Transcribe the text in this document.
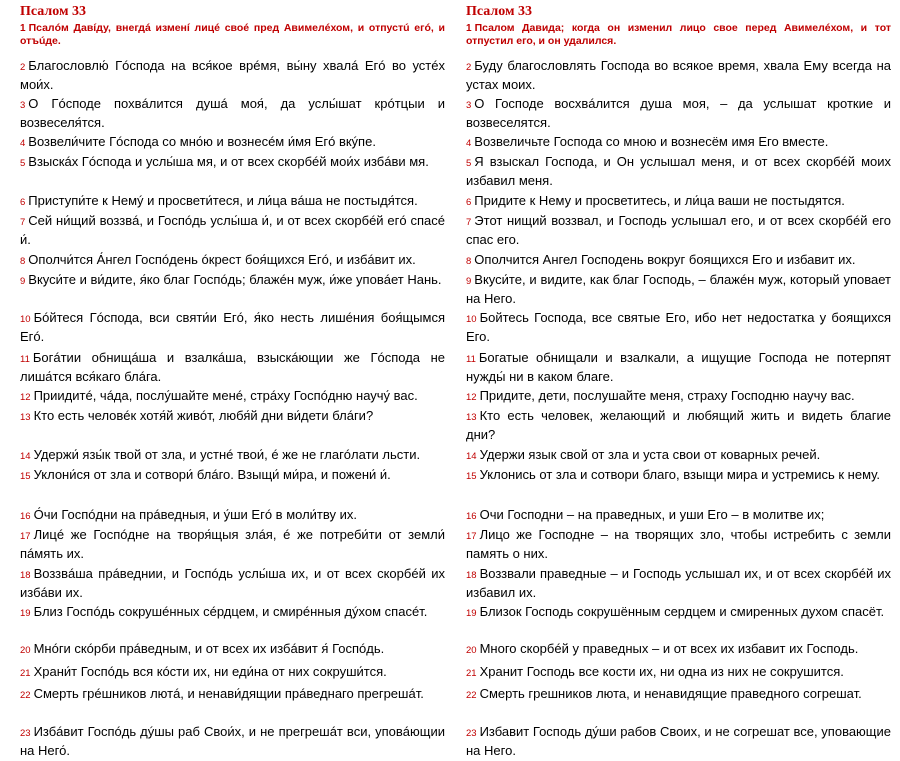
Псалом 33

1 Псалóм Давíду, внегдá изменí лицé своé пред Авимелéхом, и отпустú егó, и отъúде.

2 Благословлю́ Гóспода на вся́кое врéмя, вы́ну хвалá Егó во устéх мои́х.

3 О Гóсподе похвáлится душá моя́, да услы́шат крóтцыи и возвеселя́тся.

4 Возвели́чите Гóспода со мно́ю и вознесéм и́мя Егó вкýпе.

5 Взыскáх Гóспода и услы́ша мя, и от всех скорбéй мои́х избáви мя.

6 Приступи́те к Немý и просвети́теся, и ли́ца вáша не постыдя́тся.

7 Сей ни́щий воззвá, и Госпóдь услы́ша и́, и от всех скорбéй егó спасé и́.

8 Ополчи́тся А́нгел Госпóдень óкрест боя́щихся Егó, и избáвит их.

9 Вкуси́те и ви́дите, я́ко благ Госпóдь; блажéн муж, и́же уповáет Нань.

10 Бóйтеся Гóспода, вси святи́и Егó, я́ко несть лишéния боя́щымся Егó.

11 Богáтии обнищáша и взалкáша, взыскáющии же Гóспода не лиша́тся вся́каго блáга.

12 Приидитé, чáда, послу́шайте менé, стрáху Госпóдню научу́ вас.

13 Кто есть человéк хотя́й живóт, любя́й дни ви́дети блáги?

14 Удержи́ язы́к твой от зла, и устнé твои́, é же не глагóлати льсти.

15 Уклони́ся от зла и сотвори́ блáго. Взыщи́ ми́ра, и пожени́ и́.

16 О́чи Госпóдни на прáведныя, и у́ши Егó в моли́тву их.

17 Лицé же Госпóдне на творя́щыя злáя, é же потреби́ти от земли́ пáмять их.

18 Воззвáша прáведнии, и Госпóдь услы́ша их, и от всех скорбéй их избáви их.

19 Близ Госпóдь сокрушéнных сéрдцем, и смирéнныя дýхом спасéт.

20 Мнóги скóрби прáведным, и от всех их избáвит я́ Госпóдь.

21 Храни́т Госпóдь вся кóсти их, ни еди́на от них сокруши́тся.

22 Смерть грéшников лютá, и ненави́дящии прáведнаго прегрешáт.

23 Избáвит Госпóдь дýшы раб Свои́х, и не прегрешáт вси, уповáющии на Него́.

Псалом 33

1 Псалом Давида; когда он изменил лицо свое перед Авимелéхом, и тот отпустил его, и он удалился.

2 Буду благословлять Господа во всякое время, хвала Ему всегда на устах моих.

3 О Господе восхвáлится душа моя, – да услышат кроткие и возвеселятся.

4 Возвеличьте Господа со мною и вознесём имя Его вместе.

5 Я взыскал Господа, и Он услышал меня, и от всех скорбéй моих избавил меня.

6 Придите к Нему и просветитесь, и ли́ца ваши не постыдятся.

7 Этот нищий воззвал, и Господь услышал его, и от всех скорбéй его спас его.

8 Ополчится Ангел Господень вокруг боящихся Его и избавит их.

9 Вкуси́те, и видите, как благ Господь, – блажéн муж, который уповает на Него.

10 Бойтесь Господа, все святые Его, ибо нет недостатка у боящихся Его.

11 Богатые обнищали и взалкали, а ищущие Господа не потерпят нужды́ ни в каком благе.

12 Придите, дети, послушайте меня, страху Господню научу вас.

13 Кто есть человек, желающий и любящий жить и видеть благие дни?

14 Удержи язык свой от зла и уста свои от коварных речей.

15 Уклонись от зла и сотвори благо, взыщи мира и устремись к нему.

16 Очи Господни – на праведных, и уши Его – в молитве их;

17 Лицо же Господне – на творящих зло, чтобы истребить с земли память о них.

18 Воззвали праведные – и Господь услышал их, и от всех скорбéй их избавил их.

19 Близок Господь сокрушённым сердцем и смиренных духом спасёт.

20 Много скорбéй у праведных – и от всех их избавит их Господь.

21 Хранит Господь все кости их, ни одна из них не сокрушится.

22 Смерть грешников люта, и ненавидящие праведного согрешат.

23 Избавит Господь ду́ши рабов Своих, и не согрешат все, уповающие на Него.
